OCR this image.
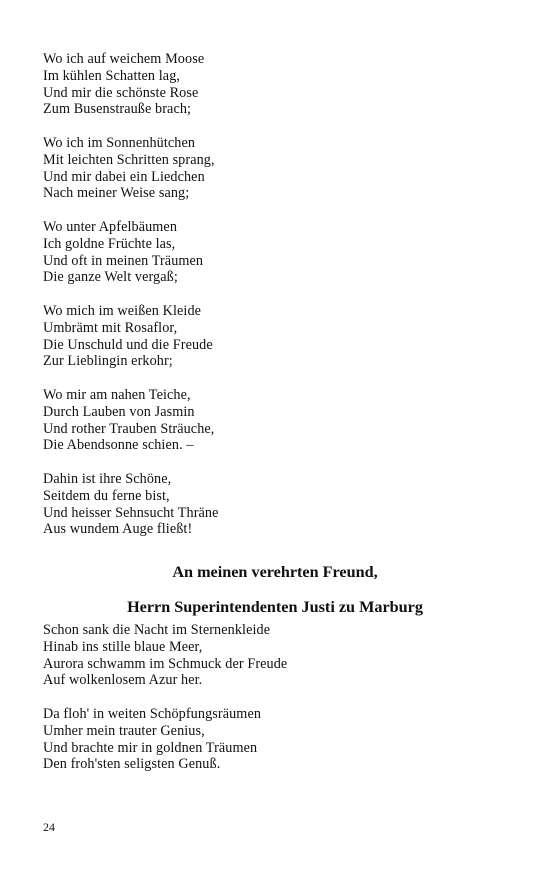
Wo ich auf weichem Moose
Im kühlen Schatten lag,
Und mir die schönste Rose
Zum Busenstrauße brach;
Wo ich im Sonnenhütchen
Mit leichten Schritten sprang,
Und mir dabei ein Liedchen
Nach meiner Weise sang;
Wo unter Apfelbäumen
Ich goldne Früchte las,
Und oft in meinen Träumen
Die ganze Welt vergaß;
Wo mich im weißen Kleide
Umbrämt mit Rosaflor,
Die Unschuld und die Freude
Zur Lieblingin erkohr;
Wo mir am nahen Teiche,
Durch Lauben von Jasmin
Und rother Trauben Sträuche,
Die Abendsonne schien. –
Dahin ist ihre Schöne,
Seitdem du ferne bist,
Und heisser Sehnsucht Thräne
Aus wundem Auge fließt!
An meinen verehrten Freund,
Herrn Superintendenten Justi zu Marburg
Schon sank die Nacht im Sternenkleide
Hinab ins stille blaue Meer,
Aurora schwamm im Schmuck der Freude
Auf wolkenlosem Azur her.
Da floh' in weiten Schöpfungsräumen
Umher mein trauter Genius,
Und brachte mir in goldnen Träumen
Den froh'sten seligsten Genuß.
24
